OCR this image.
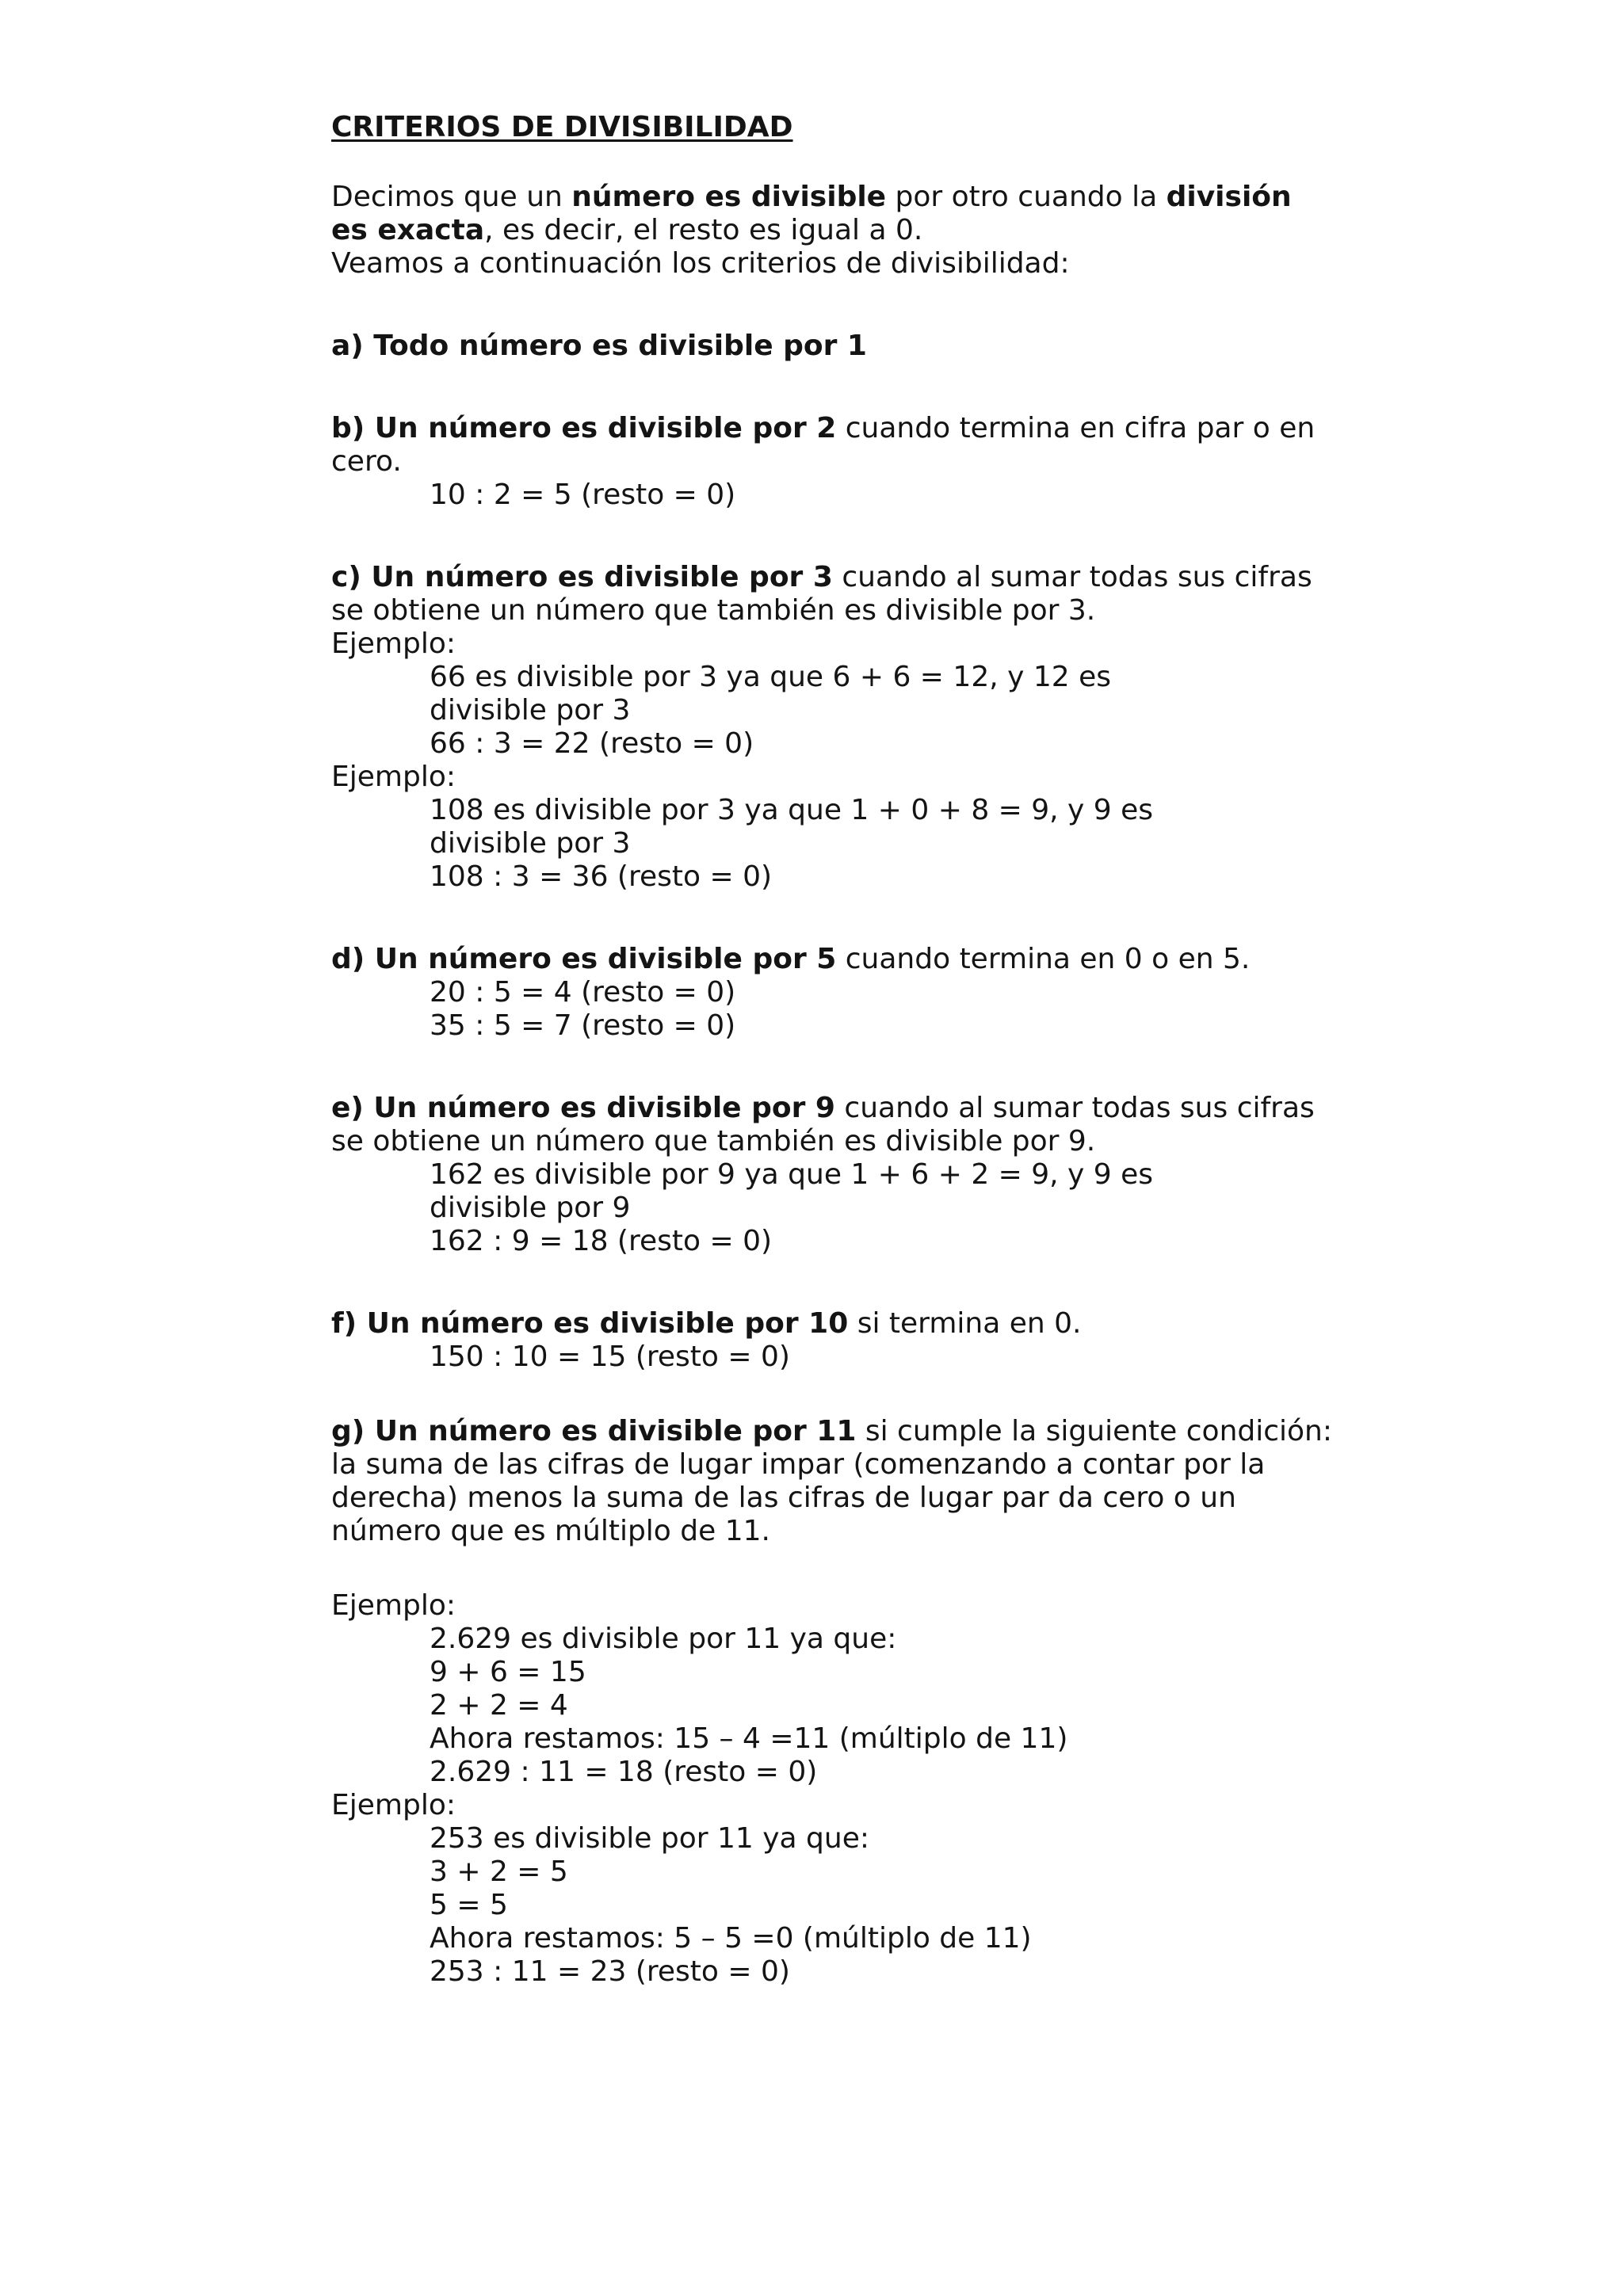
CRITERIOS DE DIVISIBILIDAD
Decimos que un número es divisible por otro cuando la división
es exacta, es decir, el resto es igual a 0.
Veamos a continuación los criterios de divisibilidad:
a) Todo número es divisible por 1
b) Un número es divisible por 2 cuando termina en cifra par o en
cero.
10 : 2 = 5 (resto = 0)
c) Un número es divisible por 3 cuando al sumar todas sus cifras
se obtiene un número que también es divisible por 3.
Ejemplo:
66 es divisible por 3 ya que 6 + 6 = 12, y 12 es
divisible por 3
66 : 3 = 22 (resto = 0)
Ejemplo:
108 es divisible por 3 ya que 1 + 0 + 8 = 9, y 9 es
divisible por 3
108 : 3 = 36 (resto = 0)
d) Un número es divisible por 5 cuando termina en 0 o en 5.
20 : 5 = 4 (resto = 0)
35 : 5 = 7 (resto = 0)
e) Un número es divisible por 9 cuando al sumar todas sus cifras
se obtiene un número que también es divisible por 9.
162 es divisible por 9 ya que 1 + 6 + 2 = 9, y 9 es
divisible por 9
162 : 9 = 18 (resto = 0)
f) Un número es divisible por 10 si termina en 0.
150 : 10 = 15 (resto = 0)
g) Un número es divisible por 11 si cumple la siguiente condición:
la suma de las cifras de lugar impar (comenzando a contar por la
derecha) menos la suma de las cifras de lugar par da cero o un
número que es múltiplo de 11.
Ejemplo:
2.629 es divisible por 11 ya que:
9 + 6 = 15
2 + 2 = 4
Ahora restamos: 15 – 4 =11 (múltiplo de 11)
2.629 : 11 = 18 (resto = 0)
Ejemplo:
253 es divisible por 11 ya que:
3 + 2 = 5
5 = 5
Ahora restamos: 5 – 5 =0 (múltiplo de 11)
253 : 11 = 23 (resto = 0)
